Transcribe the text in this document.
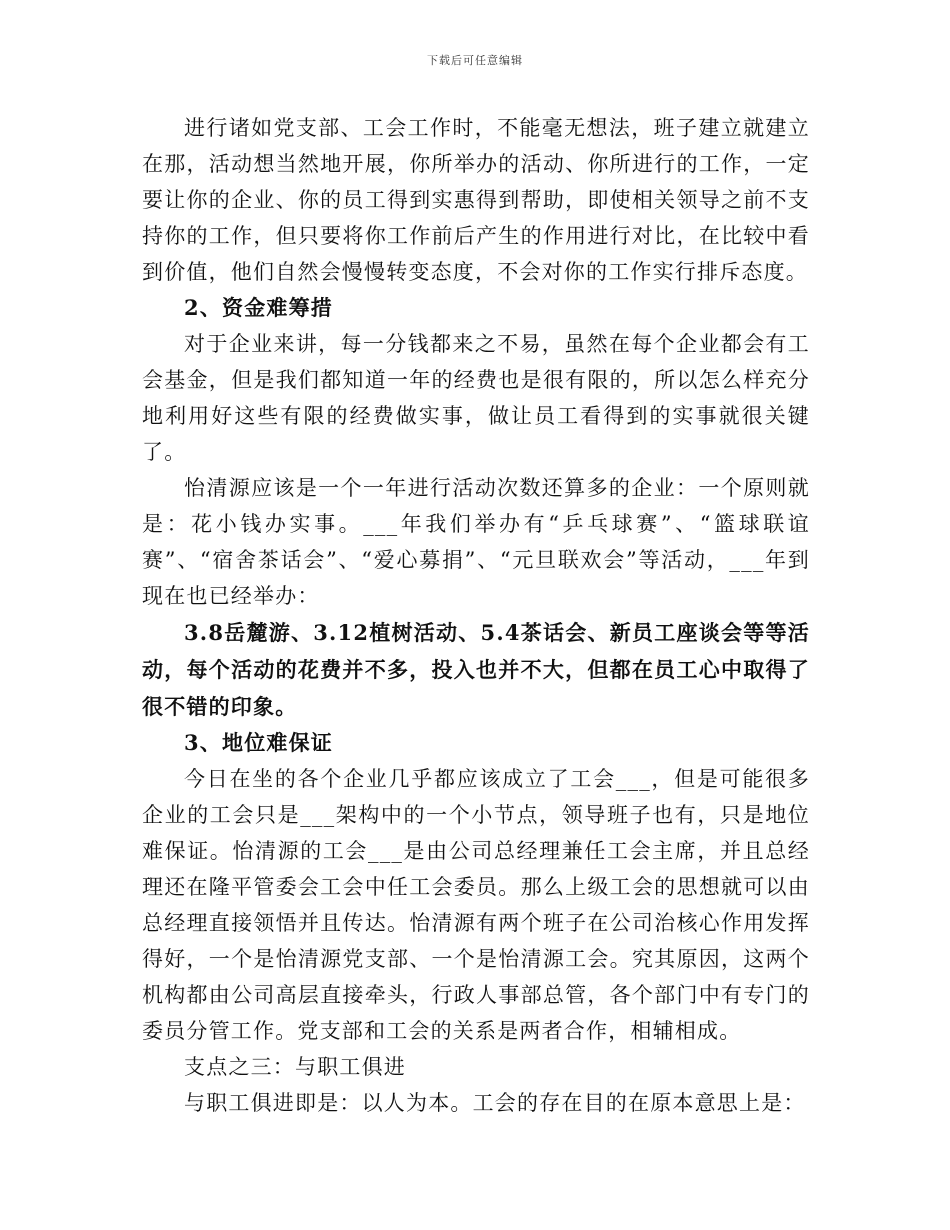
下载后可任意编辑

进行诸如党支部、工会工作时，不能毫无想法，班子建立就建立在那，活动想当然地开展，你所举办的活动、你所进行的工作，一定要让你的企业、你的员工得到实惠得到帮助，即使相关领导之前不支持你的工作，但只要将你工作前后产生的作用进行对比，在比较中看到价值，他们自然会慢慢转变态度，不会对你的工作实行排斥态度。

2、资金难筹措

对于企业来讲，每一分钱都来之不易，虽然在每个企业都会有工会基金，但是我们都知道一年的经费也是很有限的，所以怎么样充分地利用好这些有限的经费做实事，做让员工看得到的实事就很关键了。

怡清源应该是一个一年进行活动次数还算多的企业：一个原则就是：花小钱办实事。___年我们举办有“乒乓球赛”、“篮球联谊赛”、“宿舍茶话会”、“爱心募捐”、“元旦联欢会”等活动，___年到现在也已经举办：

3.8岳麓游、3.12植树活动、5.4茶话会、新员工座谈会等等活动，每个活动的花费并不多，投入也并不大，但都在员工心中取得了很不错的印象。

3、地位难保证

今日在坐的各个企业几乎都应该成立了工会___，但是可能很多企业的工会只是___架构中的一个小节点，领导班子也有，只是地位难保证。怡清源的工会___是由公司总经理兼任工会主席，并且总经理还在隆平管委会工会中任工会委员。那么上级工会的思想就可以由总经理直接领悟并且传达。怡清源有两个班子在公司治核心作用发挥得好，一个是怡清源党支部、一个是怡清源工会。究其原因，这两个机构都由公司高层直接牵头，行政人事部总管，各个部门中有专门的委员分管工作。党支部和工会的关系是两者合作，相辅相成。

支点之三：与职工俱进

与职工俱进即是：以人为本。工会的存在目的在原本意思上是：
